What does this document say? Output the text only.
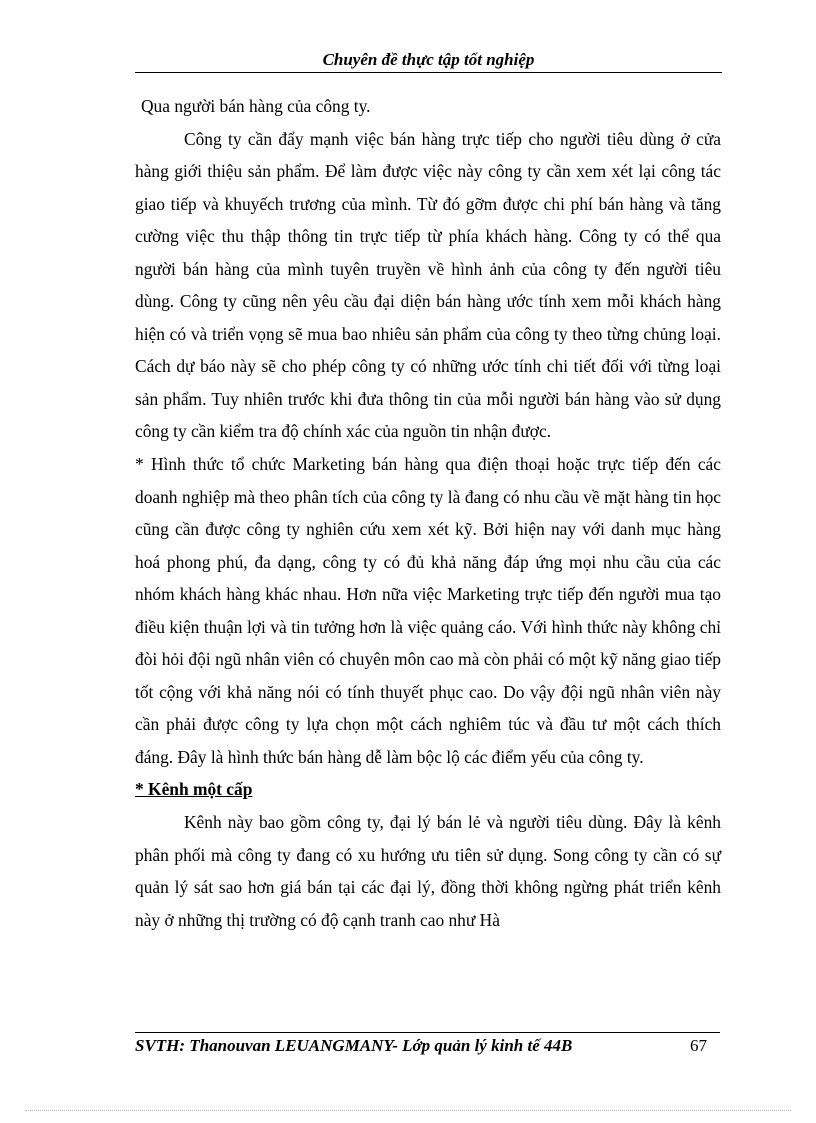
Chuyên đề thực tập tốt nghiệp

Qua người bán hàng của công ty.

Công ty cần đẩy mạnh việc bán hàng trực tiếp cho người tiêu dùng ở cửa hàng giới thiệu sản phẩm. Để làm được việc này công ty cần xem xét lại công tác giao tiếp và khuyếch trương của mình. Từ đó gỡm được chi phí bán hàng và tăng cường việc thu thập thông tin trực tiếp từ phía khách hàng. Công ty có thể qua người bán hàng của mình tuyên truyền về hình ảnh của công ty đến người tiêu dùng. Công ty cũng nên yêu cầu đại diện bán hàng ước tính xem mỗi khách hàng hiện có và triển vọng sẽ mua bao nhiêu sản phẩm của công ty theo từng chủng loại. Cách dự báo này sẽ cho phép công ty có những ước tính chi tiết đối với từng loại sản phẩm. Tuy nhiên trước khi đưa thông tin của mỗi người bán hàng vào sử dụng công ty cần kiểm tra độ chính xác của nguồn tin nhận được.

* Hình thức tổ chức Marketing bán hàng qua điện thoại hoặc trực tiếp đến các doanh nghiệp mà theo phân tích của công ty là đang có nhu cầu về mặt hàng tin học cũng cần được công ty nghiên cứu xem xét kỹ. Bởi hiện nay với danh mục hàng hoá phong phú, đa dạng, công ty có đủ khả năng đáp ứng mọi nhu cầu của các nhóm khách hàng khác nhau. Hơn nữa việc Marketing trực tiếp đến người mua tạo điều kiện thuận lợi và tin tưởng hơn là việc quảng cáo. Với hình thức này không chỉ đòi hỏi đội ngũ nhân viên có chuyên môn cao mà còn phải có một kỹ năng giao tiếp tốt cộng với khả năng nói có tính thuyết phục cao. Do vậy đội ngũ nhân viên này cần phải được công ty lựa chọn một cách nghiêm túc và đầu tư một cách thích đáng. Đây là hình thức bán hàng dễ làm bộc lộ các điểm yếu của công ty.

* Kênh một cấp

Kênh này bao gồm công ty, đại lý bán lẻ và người tiêu dùng. Đây là kênh phân phối mà công ty đang có xu hướng ưu tiên sử dụng. Song công ty cần có sự quản lý sát sao hơn giá bán tại các đại lý, đồng thời không ngừng phát triển kênh này ở những thị trường có độ cạnh tranh cao như Hà

SVTH: Thanouvan LEUANGMANY- Lớp quản lý kinh tế 44B	67
